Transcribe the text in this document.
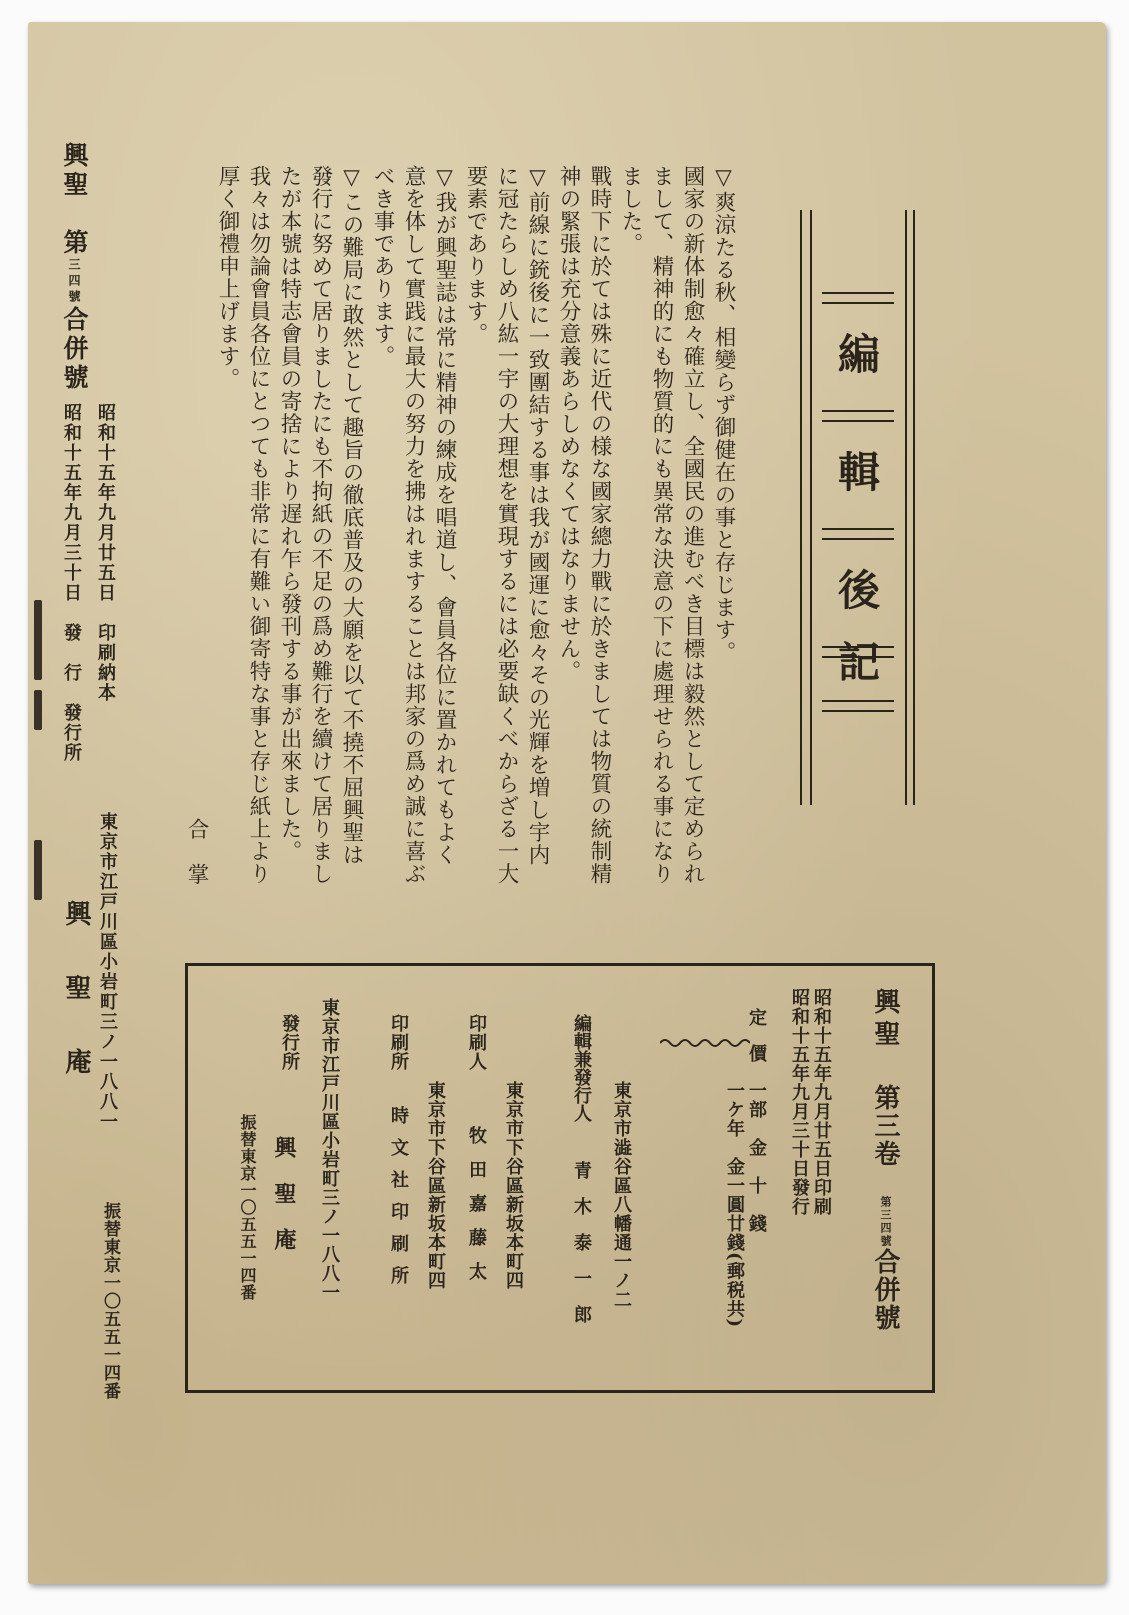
編
輯
後
記

▽爽涼たる秋、相變らず御健在の事と存じます。

國家の新体制愈々確立し、全國民の進むべき目標は毅然として定められまして、精神的にも物質的にも異常な決意の下に處理せられる事になりました。

戰時下に於ては殊に近代の様な國家總力戰に於きましては物質の統制精神の緊張は充分意義あらしめなくてはなりません。

▽前線に銃後に一致團結する事は我が國運に愈々その光輝を増し宇内に冠たらしめ八紘一宇の大理想を實現するには必要缺くべからざる一大要素であります。

▽我が興聖誌は常に精神の練成を唱道し、會員各位に置かれてもよく意を体して實践に最大の努力を拂はれますることは邦家の爲め誠に喜ぶべき事であります。

▽この難局に敢然として趣旨の徹底普及の大願を以て不撓不屈興聖は發行に努めて居りましたにも不拘紙の不足の爲め難行を續けて居りましたが本號は特志會員の寄捨により遅れ乍ら發刊する事が出來ました。

我々は勿論會員各位にとつても非常に有難い御寄特な事と存じ紙上より厚く御禮申上げます。

合　掌

興聖　第三四號合併號
昭和十五年九月廿五日　印刷納本
昭和十五年九月三十日　發　行　發行所
東京市江戸川區小岩町三ノ一八八一
興聖庵
振替東京一〇五五一四番
興聖
第三卷　第三四號合併號
昭和十五年九月廿五日印刷
昭和十五年九月三十日發行
定價
一部　金　十　錢
一ケ年　金一圓廿錢(郵税共)
東京市澁谷區八幡通一ノ二
編輯兼發行人
青木泰一郎
東京市下谷區新坂本町四
印刷人
牧田嘉藤太
東京市下谷區新坂本町四
印刷所
時文社印刷所
東京市江戸川區小岩町三ノ一八八一
發行所
興聖庵
振替東京一〇五五一四番
